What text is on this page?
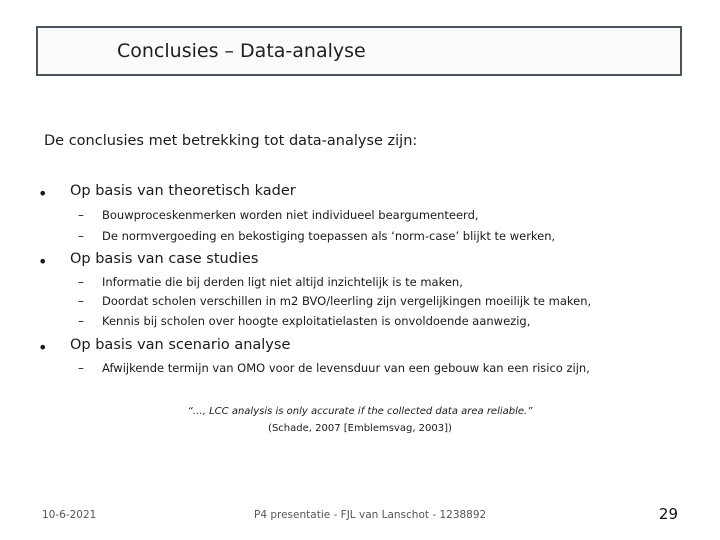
Conclusies – Data-analyse
De conclusies met betrekking tot data-analyse zijn:
• Op basis van theoretisch kader
– Bouwproceskenmerken worden niet individueel beargumenteerd,
– De normvergoeding en bekostiging toepassen als ‘norm-case’ blijkt te werken,
• Op basis van case studies
– Informatie die bij derden ligt niet altijd inzichtelijk is te maken,
– Doordat scholen verschillen in m2 BVO/leerling zijn vergelijkingen moeilijk te maken,
– Kennis bij scholen over hoogte exploitatielasten is onvoldoende aanwezig,
• Op basis van scenario analyse
– Afwijkende termijn van OMO voor de levensduur van een gebouw kan een risico zijn,
“…, LCC analysis is only accurate if the collected data area reliable.”
(Schade, 2007 [Emblemsvag, 2003])
10-6-2021	P4 presentatie - FJL van Lanschot - 1238892	29
